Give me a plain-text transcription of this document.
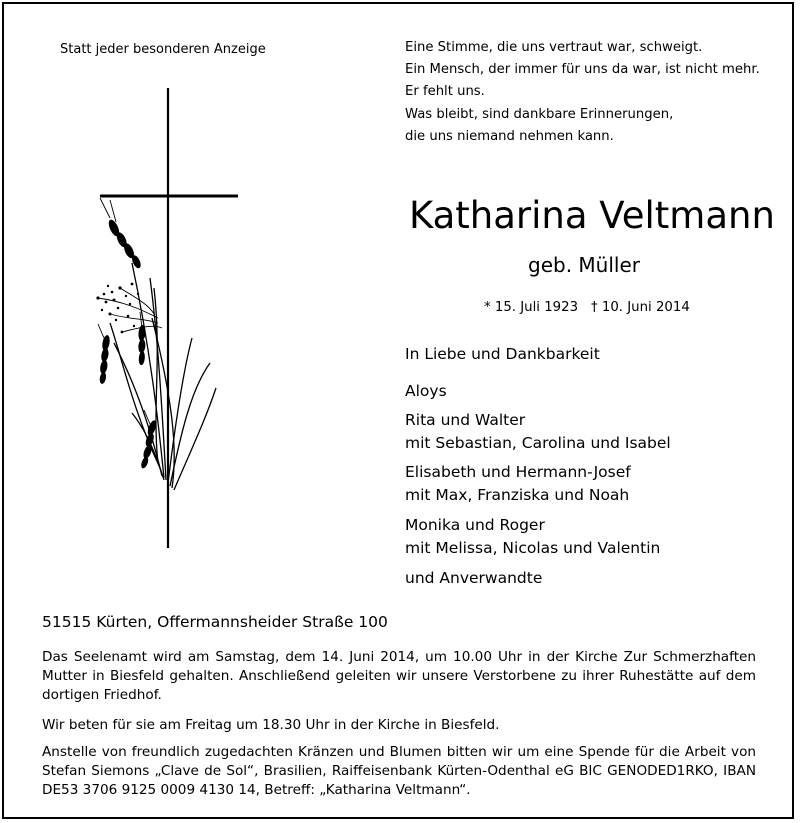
Statt jeder besonderen Anzeige	Eine Stimme, die uns vertraut war, schweigt.
Ein Mensch, der immer für uns da war, ist nicht mehr.
Er fehlt uns.
Was bleibt, sind dankbare Erinnerungen,
die uns niemand nehmen kann.
Katharina Veltmann
geb. Müller
* 15. Juli 1923 † 10. Juni 2014
In Liebe und Dankbarkeit
Aloys
Rita und Walter
mit Sebastian, Carolina und Isabel
Elisabeth und Hermann-Josef
mit Max, Franziska und Noah
Monika und Roger
mit Melissa, Nicolas und Valentin
und Anverwandte
51515 Kürten, Offermannsheider Straße 100
Das Seelenamt wird am Samstag, dem 14. Juni 2014, um 10.00 Uhr in der Kirche Zur Schmerzhaften Mutter in Biesfeld gehalten. Anschließend geleiten wir unsere Verstorbene zu ihrer Ruhestätte auf dem dortigen Friedhof.
Wir beten für sie am Freitag um 18.30 Uhr in der Kirche in Biesfeld.
Anstelle von freundlich zugedachten Kränzen und Blumen bitten wir um eine Spende für die Arbeit von Stefan Siemons „Clave de Sol“, Brasilien, Raiffeisenbank Kürten-Odenthal eG BIC GENODED1RKO, IBAN DE53 3706 9125 0009 4130 14, Betreff: „Katharina Veltmann“.
